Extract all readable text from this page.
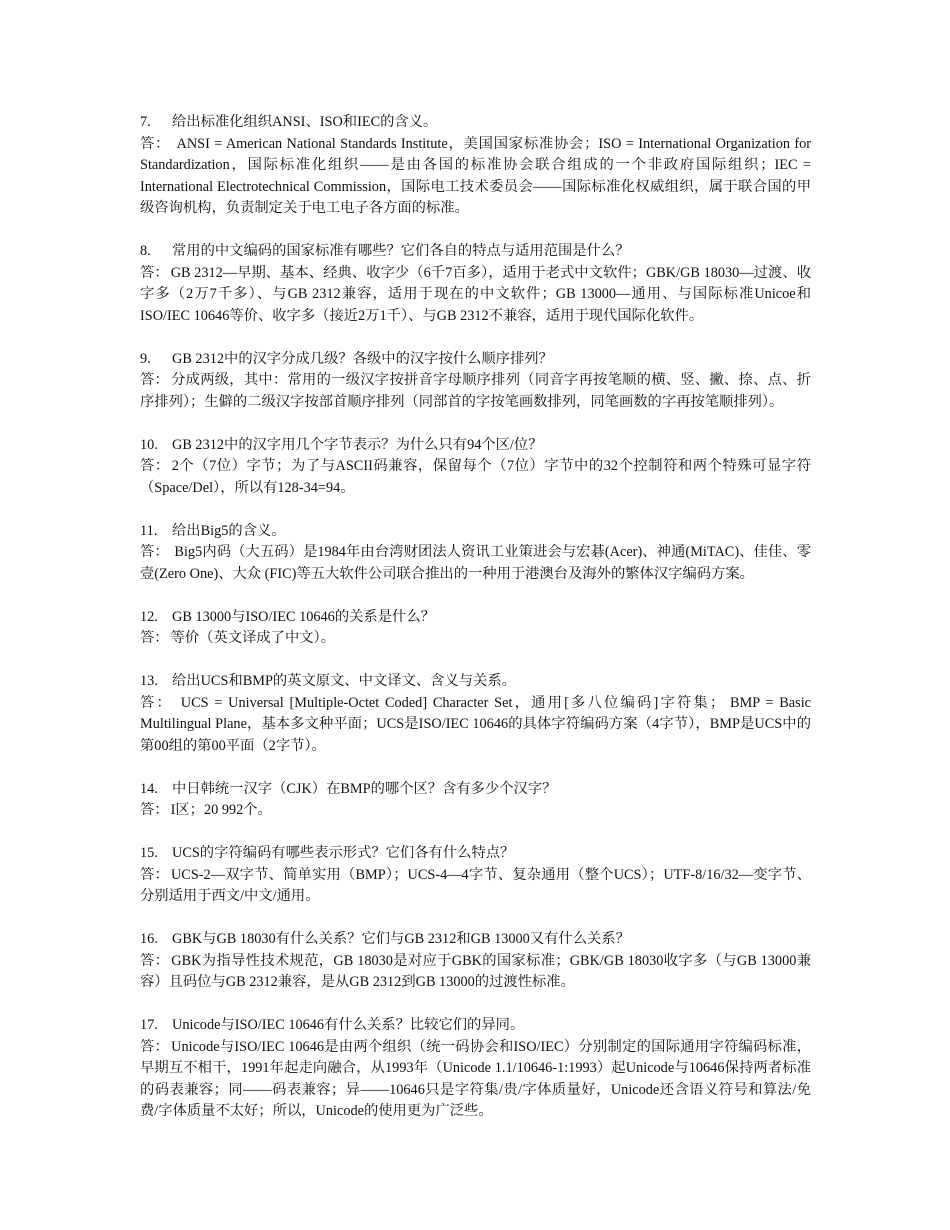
7. 给出标准化组织ANSI、ISO和IEC的含义。

答： ANSI = American National Standards Institute，美国国家标准协会；ISO = International Organization for Standardization，国际标准化组织——是由各国的标准协会联合组成的一个非政府国际组织；IEC = International Electrotechnical Commission，国际电工技术委员会——国际标准化权威组织，属于联合国的甲级咨询机构，负责制定关于电工电子各方面的标准。

8. 常用的中文编码的国家标准有哪些？它们各自的特点与适用范围是什么？

答： GB 2312—早期、基本、经典、收字少（6千7百多），适用于老式中文软件；GBK/GB 18030—过渡、收字多（2万7千多）、与GB 2312兼容，适用于现在的中文软件；GB 13000—通用、与国际标准Unicoe和ISO/IEC 10646等价、收字多（接近2万1千）、与GB 2312不兼容，适用于现代国际化软件。

9. GB 2312中的汉字分成几级？各级中的汉字按什么顺序排列？

答： 分成两级，其中：常用的一级汉字按拼音字母顺序排列（同音字再按笔顺的横、竖、撇、捺、点、折序排列）；生僻的二级汉字按部首顺序排列（同部首的字按笔画数排列，同笔画数的字再按笔顺排列）。

10. GB 2312中的汉字用几个字节表示？为什么只有94个区/位？

答： 2个（7位）字节；为了与ASCII码兼容，保留每个（7位）字节中的32个控制符和两个特殊可显字符（Space/Del），所以有128-34=94。

11. 给出Big5的含义。

答： Big5内码（大五码）是1984年由台湾财团法人资讯工业策进会与宏碁(Acer)、神通(MiTAC)、佳佳、零壹(Zero One)、大众 (FIC)等五大软件公司联合推出的一种用于港澳台及海外的繁体汉字编码方案。

12. GB 13000与ISO/IEC 10646的关系是什么？

答： 等价（英文译成了中文）。

13. 给出UCS和BMP的英文原文、中文译文、含义与关系。

答： UCS = Universal [Multiple-Octet Coded] Character Set，通用[多八位编码]字符集； BMP = Basic Multilingual Plane，基本多文种平面；UCS是ISO/IEC 10646的具体字符编码方案（4字节），BMP是UCS中的第00组的第00平面（2字节）。

14. 中日韩统一汉字（CJK）在BMP的哪个区？含有多少个汉字？

答： I区；20 992个。

15. UCS的字符编码有哪些表示形式？它们各有什么特点？

答： UCS-2—双字节、简单实用（BMP）；UCS-4—4字节、复杂通用（整个UCS）；UTF-8/16/32—变字节、分别适用于西文/中文/通用。

16. GBK与GB 18030有什么关系？它们与GB 2312和GB 13000又有什么关系？

答： GBK为指导性技术规范，GB 18030是对应于GBK的国家标准；GBK/GB 18030收字多（与GB 13000兼容）且码位与GB 2312兼容，是从GB 2312到GB 13000的过渡性标准。

17. Unicode与ISO/IEC 10646有什么关系？比较它们的异同。

答： Unicode与ISO/IEC 10646是由两个组织（统一码协会和ISO/IEC）分别制定的国际通用字符编码标准，早期互不相干，1991年起走向融合，从1993年（Unicode 1.1/10646-1:1993）起Unicode与10646保持两者标准的码表兼容；同——码表兼容；异——10646只是字符集/贵/字体质量好，Unicode还含语义符号和算法/免费/字体质量不太好；所以，Unicode的使用更为广泛些。
